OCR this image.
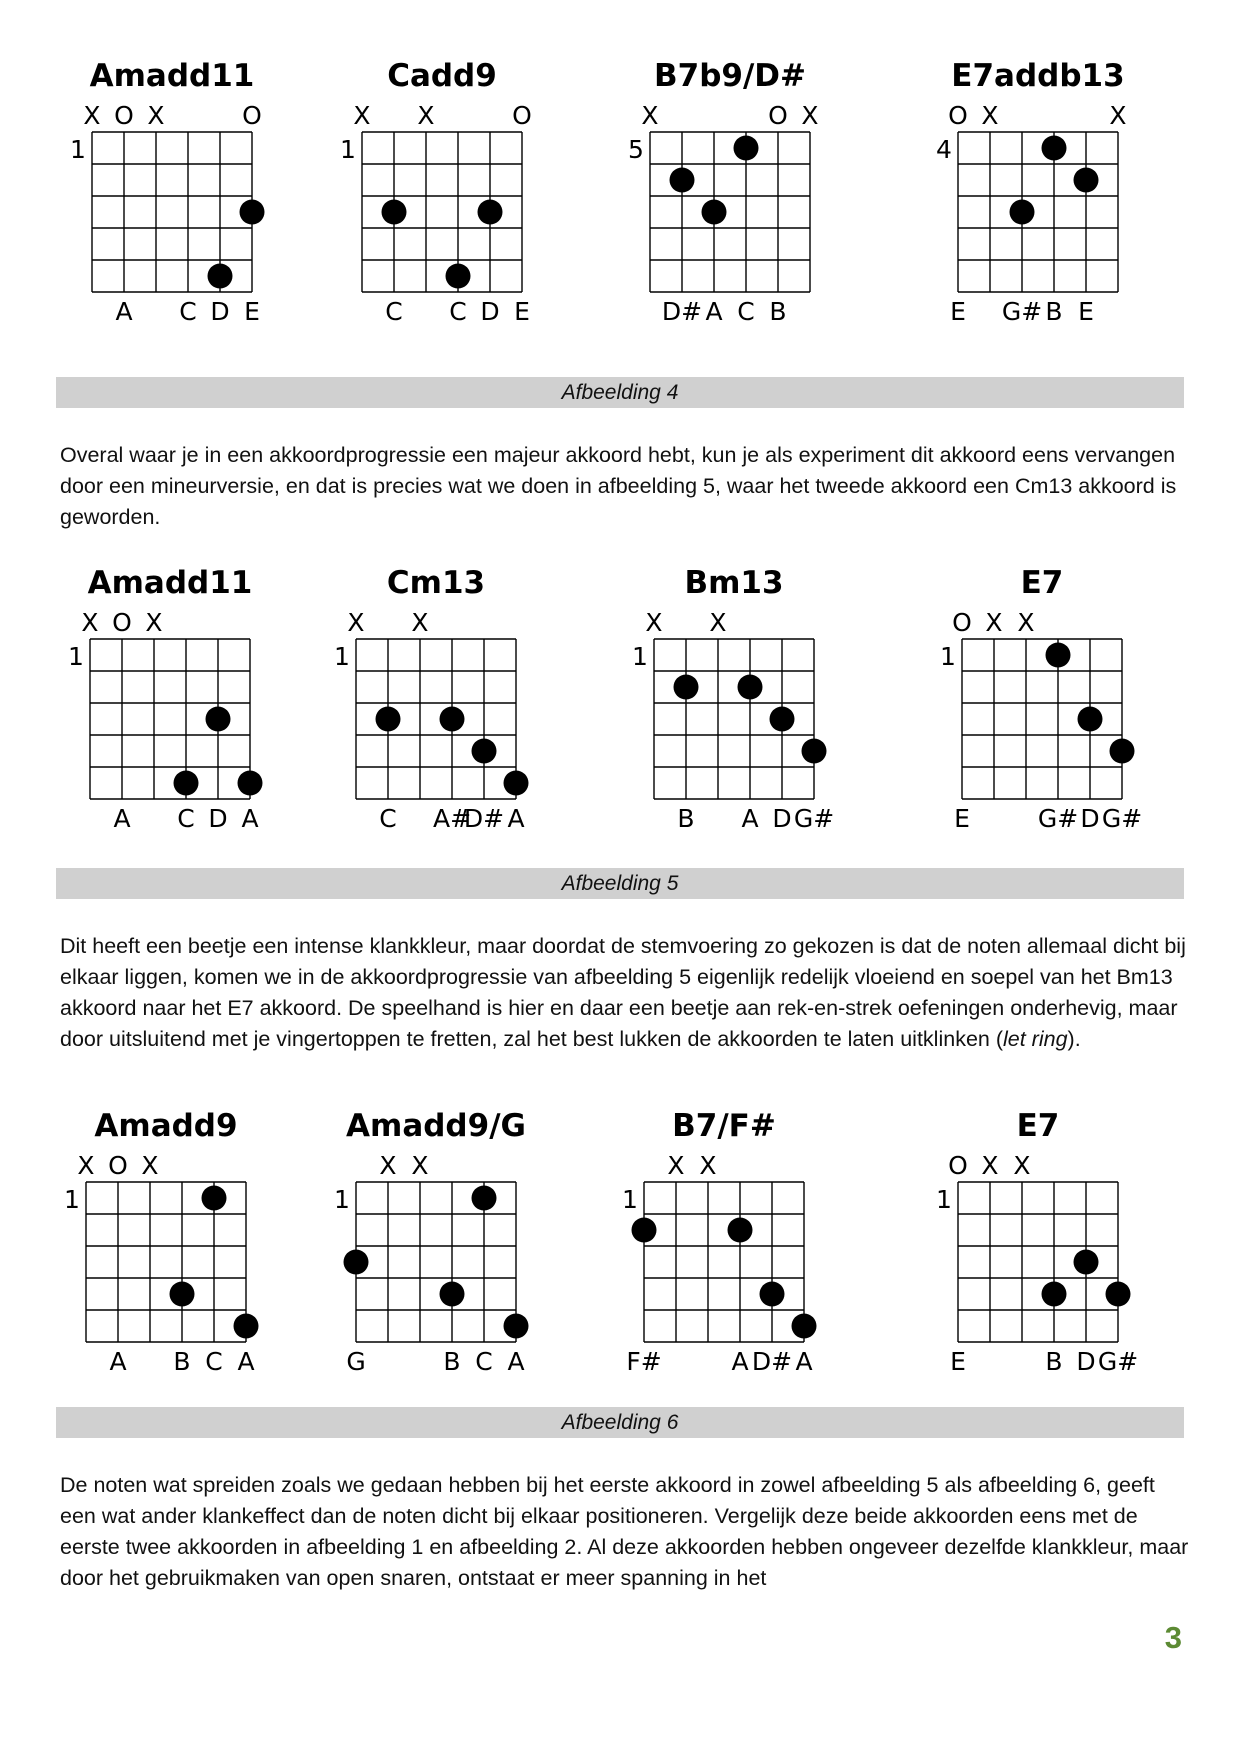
Amadd11
1
X O X	O
A C D E
Cadd9
1
X X	O
C C D E
B7b9/D#
5
X	O X
D# A C B
E7addb13
4
O X	X
E G# B E
Afbeelding 4

Overal waar je in een akkoordprogressie een majeur akkoord hebt, kun je als experiment dit akkoord eens vervangen door een mineurversie, en dat is precies wat we doen in afbeelding 5, waar het tweede akkoord een Cm13 akkoord is geworden.

Amadd11
1
X O X
A C D A
Cm13
1
X X
C A#
D# A
Bm13
1
X X
B A D G#
E7
1
O X X
E	G# D G#
Afbeelding 5

Dit heeft een beetje een intense klankkleur, maar doordat de stemvoering zo gekozen is dat de noten allemaal dicht bij elkaar liggen, komen we in de akkoordprogressie van afbeelding 5 eigenlijk redelijk vloeiend en soepel van het Bm13 akkoord naar het E7 akkoord. De speelhand is hier en daar een beetje aan rek-en-strek oefeningen onderhevig, maar door uitsluitend met je vingertoppen te fretten, zal het best lukken de akkoorden te laten uitklinken (let ring).

Amadd9
1
X O X
A B C A
Amadd9/G
1
X X
G	B C A
B7/F#
1
X X
F#	A D# A
E7
1
O X X
E	B D G#
Afbeelding 6

De noten wat spreiden zoals we gedaan hebben bij het eerste akkoord in zowel afbeelding 5 als afbeelding 6, geeft een wat ander klankeffect dan de noten dicht bij elkaar positioneren. Vergelijk deze beide akkoorden eens met de eerste twee akkoorden in afbeelding 1 en afbeelding 2. Al deze akkoorden hebben ongeveer dezelfde klankkleur, maar door het gebruikmaken van open snaren, ontstaat er meer spanning in het

3
